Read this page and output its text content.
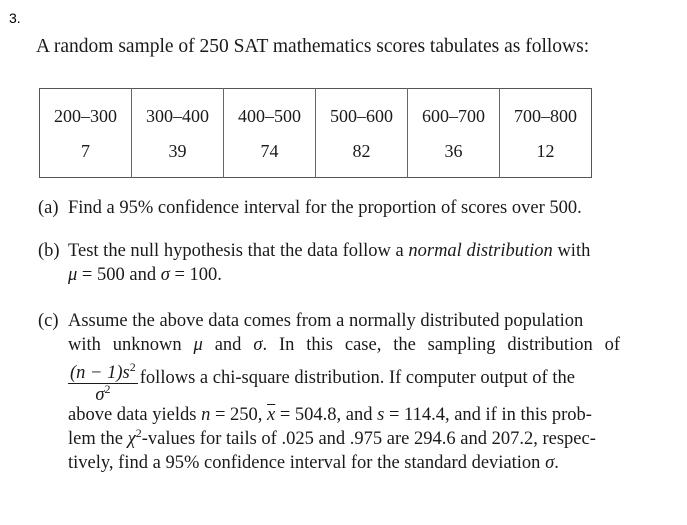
3.
A random sample of 250 SAT mathematics scores tabulates as follows:
200–300	300–400	400–500	500–600	600–700	700–800
7	39	74	82	36	12
(a) Find a 95% confidence interval for the proportion of scores over 500.
(b) Test the null hypothesis that the data follow a normal distribution with
μ = 500 and σ = 100.
(c) Assume the above data comes from a normally distributed population
with unknown μ and σ. In this case, the sampling distribution of
$\frac{(n - 1)s^2}{\sigma^2}$ follows a chi-square distribution. If computer output of the
above data yields n = 250, $\overline{x} = 504.8$, and s = 114.4, and if in this prob-
lem the $\chi^2$-values for tails of .025 and .975 are 294.6 and 207.2, respec-
tively, find a 95% confidence interval for the standard deviation σ.
